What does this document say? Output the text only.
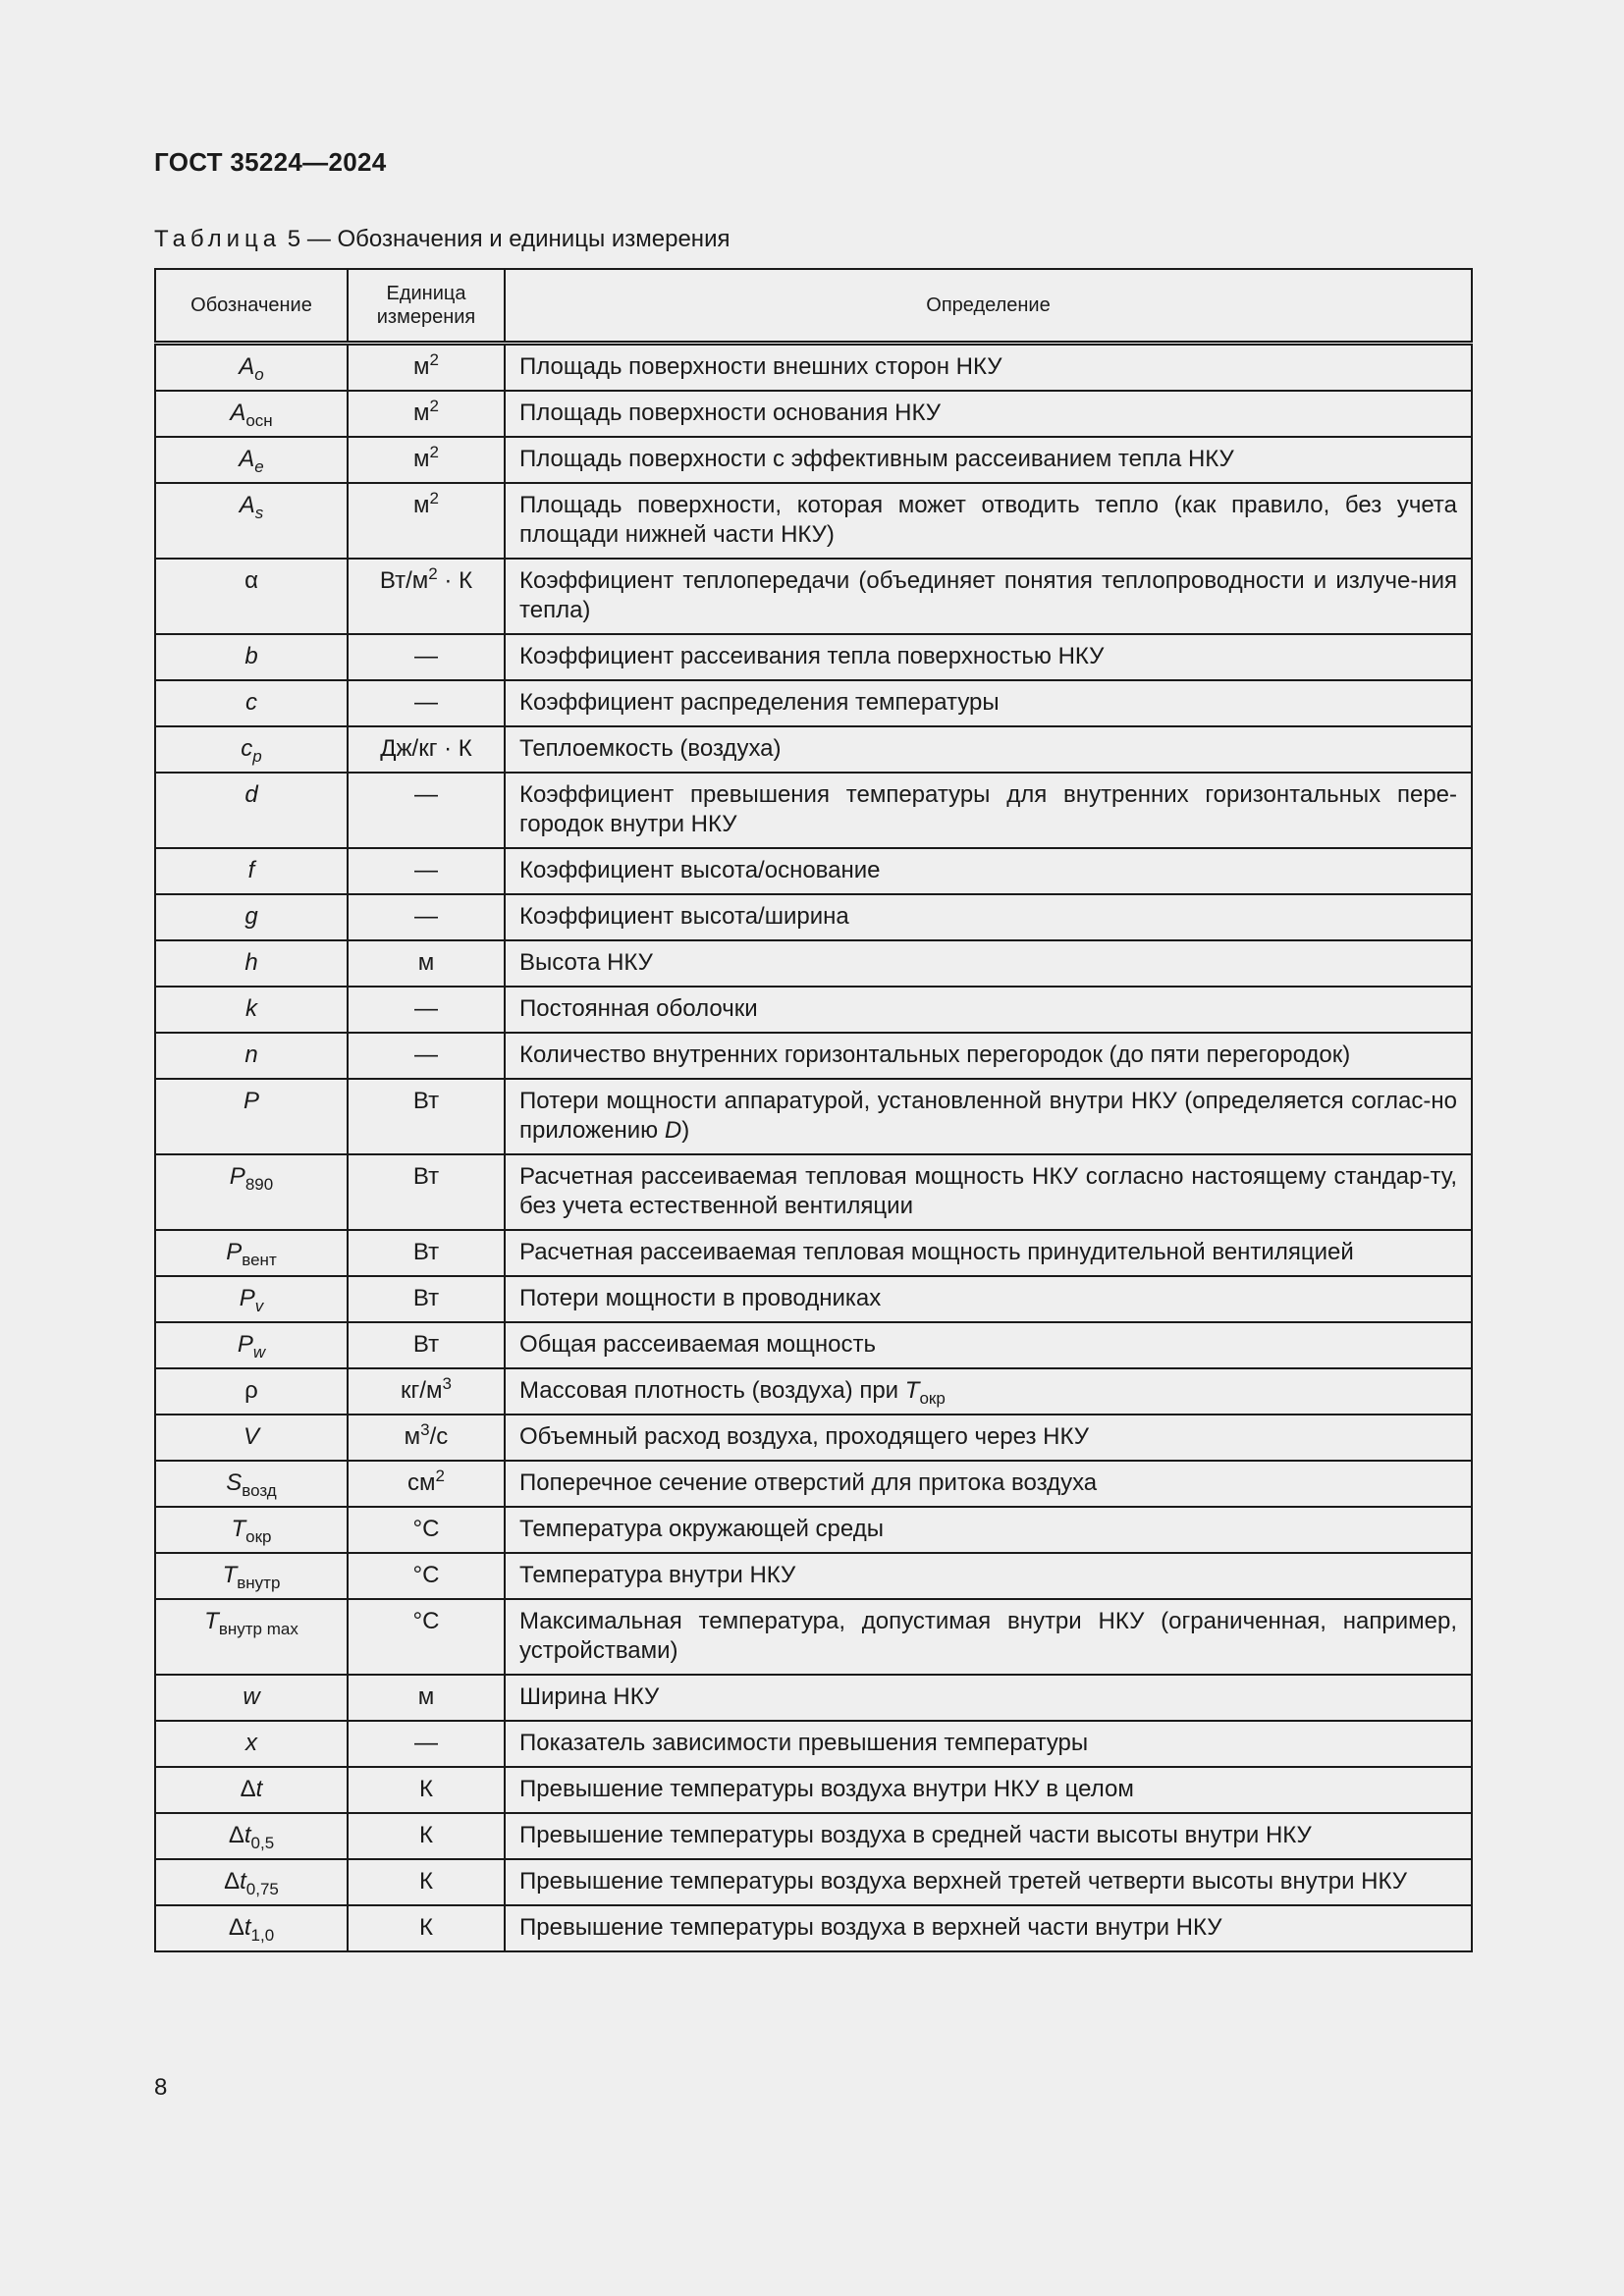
ГОСТ 35224—2024
Таблица 5 — Обозначения и единицы измерения
Обозначение	Единица измерения	Определение
$A_o$	$м^2$	Площадь поверхности внешних сторон НКУ
$A_{осн}$	$м^2$	Площадь поверхности основания НКУ
$A_e$	$м^2$	Площадь поверхности с эффективным рассеиванием тепла НКУ
$A_s$	$м^2$	Площадь поверхности, которая может отводить тепло (как правило, без учета площади нижней части НКУ)
α	$Вт/м^2 \cdot К$	Коэффициент теплопередачи (объединяет понятия теплопроводности и излуче-ния тепла)
b	—	Коэффициент рассеивания тепла поверхностью НКУ
c	—	Коэффициент распределения температуры
$c_p$	Дж/кг · К	Теплоемкость (воздуха)
d	—	Коэффициент превышения температуры для внутренних горизонтальных пере-городок внутри НКУ
f	—	Коэффициент высота/основание
g	—	Коэффициент высота/ширина
h	м	Высота НКУ
k	—	Постоянная оболочки
n	—	Количество внутренних горизонтальных перегородок (до пяти перегородок)
P	Вт	Потери мощности аппаратурой, установленной внутри НКУ (определяется соглас-но приложению D)
$P_{890}$	Вт	Расчетная рассеиваемая тепловая мощность НКУ согласно настоящему стандар-ту, без учета естественной вентиляции
$P_{вент}$	Вт	Расчетная рассеиваемая тепловая мощность принудительной вентиляцией
$P_v$	Вт	Потери мощности в проводниках
$P_w$	Вт	Общая рассеиваемая мощность
ρ	$кг/м^3$	Массовая плотность (воздуха) при $T_{окр}$
V	$м^3/с$	Объемный расход воздуха, проходящего через НКУ
$S_{возд}$	$см^2$	Поперечное сечение отверстий для притока воздуха
$T_{окр}$	°С	Температура окружающей среды
$T_{внутр}$	°С	Температура внутри НКУ
$T_{внутр max}$	°С	Максимальная температура, допустимая внутри НКУ (ограниченная, например, устройствами)
w	м	Ширина НКУ
x	—	Показатель зависимости превышения температуры
Δt	К	Превышение температуры воздуха внутри НКУ в целом
$\Delta t_{0,5}$	К	Превышение температуры воздуха в средней части высоты внутри НКУ
$\Delta t_{0,75}$	К	Превышение температуры воздуха верхней третей четверти высоты внутри НКУ
$\Delta t_{1,0}$	К	Превышение температуры воздуха в верхней части внутри НКУ
8
